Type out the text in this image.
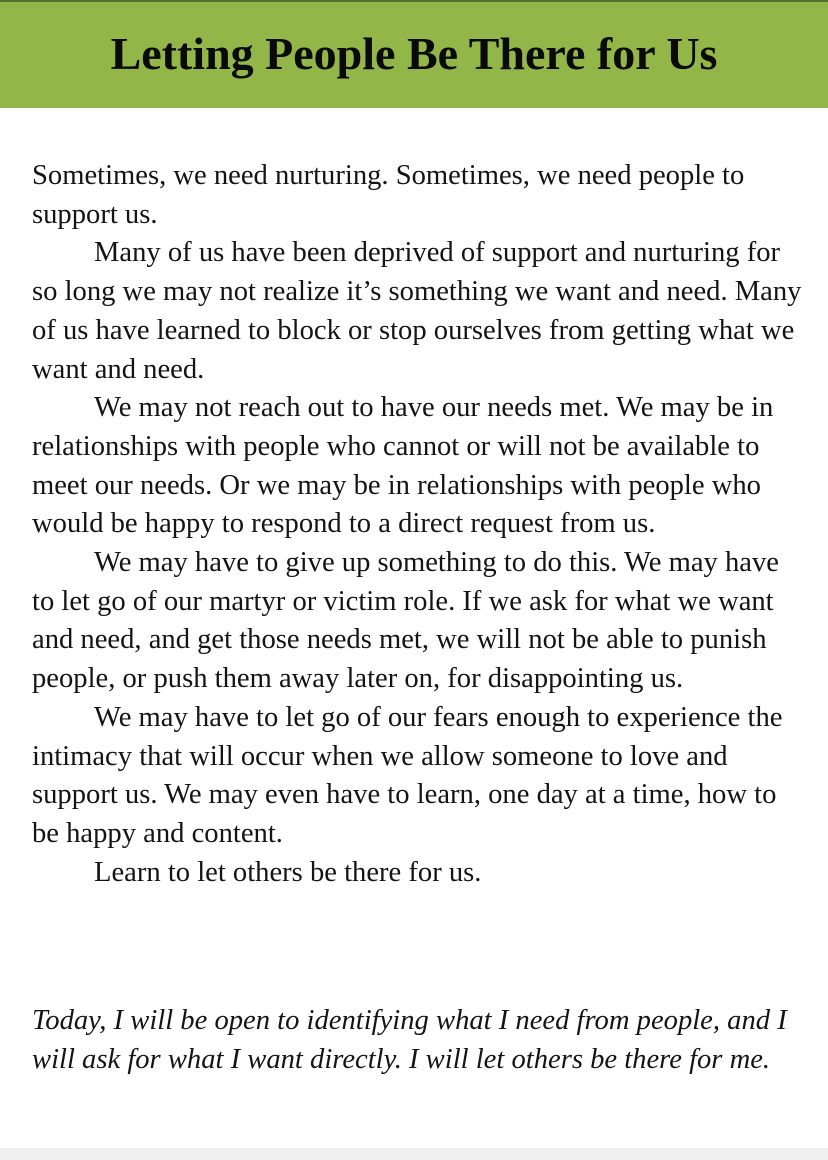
Letting People Be There for Us

Sometimes, we need nurturing. Sometimes, we need people to support us.

Many of us have been deprived of support and nurturing for so long we may not realize it’s something we want and need. Many of us have learned to block or stop ourselves from getting what we want and need.

We may not reach out to have our needs met. We may be in relationships with people who cannot or will not be available to meet our needs. Or we may be in relationships with people who would be happy to respond to a direct request from us.

We may have to give up something to do this. We may have to let go of our martyr or victim role. If we ask for what we want and need, and get those needs met, we will not be able to punish people, or push them away later on, for disappointing us.

We may have to let go of our fears enough to experience the intimacy that will occur when we allow someone to love and support us. We may even have to learn, one day at a time, how to be happy and content.

Learn to let others be there for us.

Today, I will be open to identifying what I need from people, and I will ask for what I want directly. I will let others be there for me.
